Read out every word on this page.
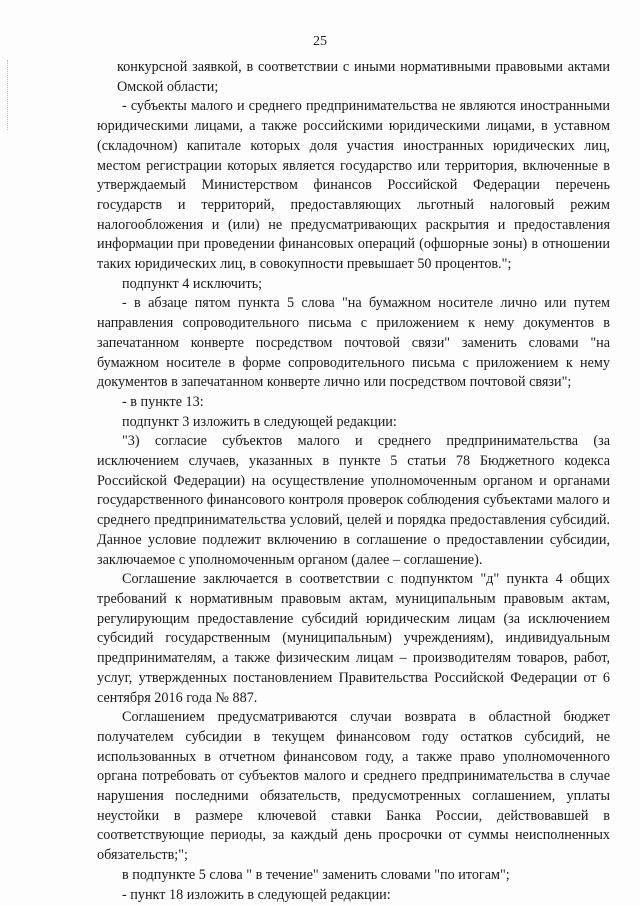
25

конкурсной заявкой, в соответствии с иными нормативными правовыми актами Омской области;

- субъекты малого и среднего предпринимательства не являются иностранными юридическими лицами, а также российскими юридическими лицами, в уставном (складочном) капитале которых доля участия иностранных юридических лиц, местом регистрации которых является государство или территория, включенные в утверждаемый Министерством финансов Российской Федерации перечень государств и территорий, предоставляющих льготный налоговый режим налогообложения и (или) не предусматривающих раскрытия и предоставления информации при проведении финансовых операций (офшорные зоны) в отношении таких юридических лиц, в совокупности превышает 50 процентов.";

подпункт 4 исключить;

- в абзаце пятом пункта 5 слова "на бумажном носителе лично или путем направления сопроводительного письма с приложением к нему документов в запечатанном конверте посредством почтовой связи" заменить словами "на бумажном носителе в форме сопроводительного письма с приложением к нему документов в запечатанном конверте лично или посредством почтовой связи";

- в пункте 13:

подпункт 3 изложить в следующей редакции:

"3) согласие субъектов малого и среднего предпринимательства (за исключением случаев, указанных в пункте 5 статьи 78 Бюджетного кодекса Российской Федерации) на осуществление уполномоченным органом и органами государственного финансового контроля проверок соблюдения субъектами малого и среднего предпринимательства условий, целей и порядка предоставления субсидий. Данное условие подлежит включению в соглашение о предоставлении субсидии, заключаемое с уполномоченным органом (далее – соглашение).

Соглашение заключается в соответствии с подпунктом "д" пункта 4 общих требований к нормативным правовым актам, муниципальным правовым актам, регулирующим предоставление субсидий юридическим лицам (за исключением субсидий государственным (муниципальным) учреждениям), индивидуальным предпринимателям, а также физическим лицам – производителям товаров, работ, услуг, утвержденных постановлением Правительства Российской Федерации от 6 сентября 2016 года № 887.

Соглашением предусматриваются случаи возврата в областной бюджет получателем субсидии в текущем финансовом году остатков субсидий, не использованных в отчетном финансовом году, а также право уполномоченного органа потребовать от субъектов малого и среднего предпринимательства в случае нарушения последними обязательств, предусмотренных соглашением, уплаты неустойки в размере ключевой ставки Банка России, действовавшей в соответствующие периоды, за каждый день просрочки от суммы неисполненных обязательств;";

в подпункте 5 слова " в течение" заменить словами "по итогам";

- пункт 18 изложить в следующей редакции:
